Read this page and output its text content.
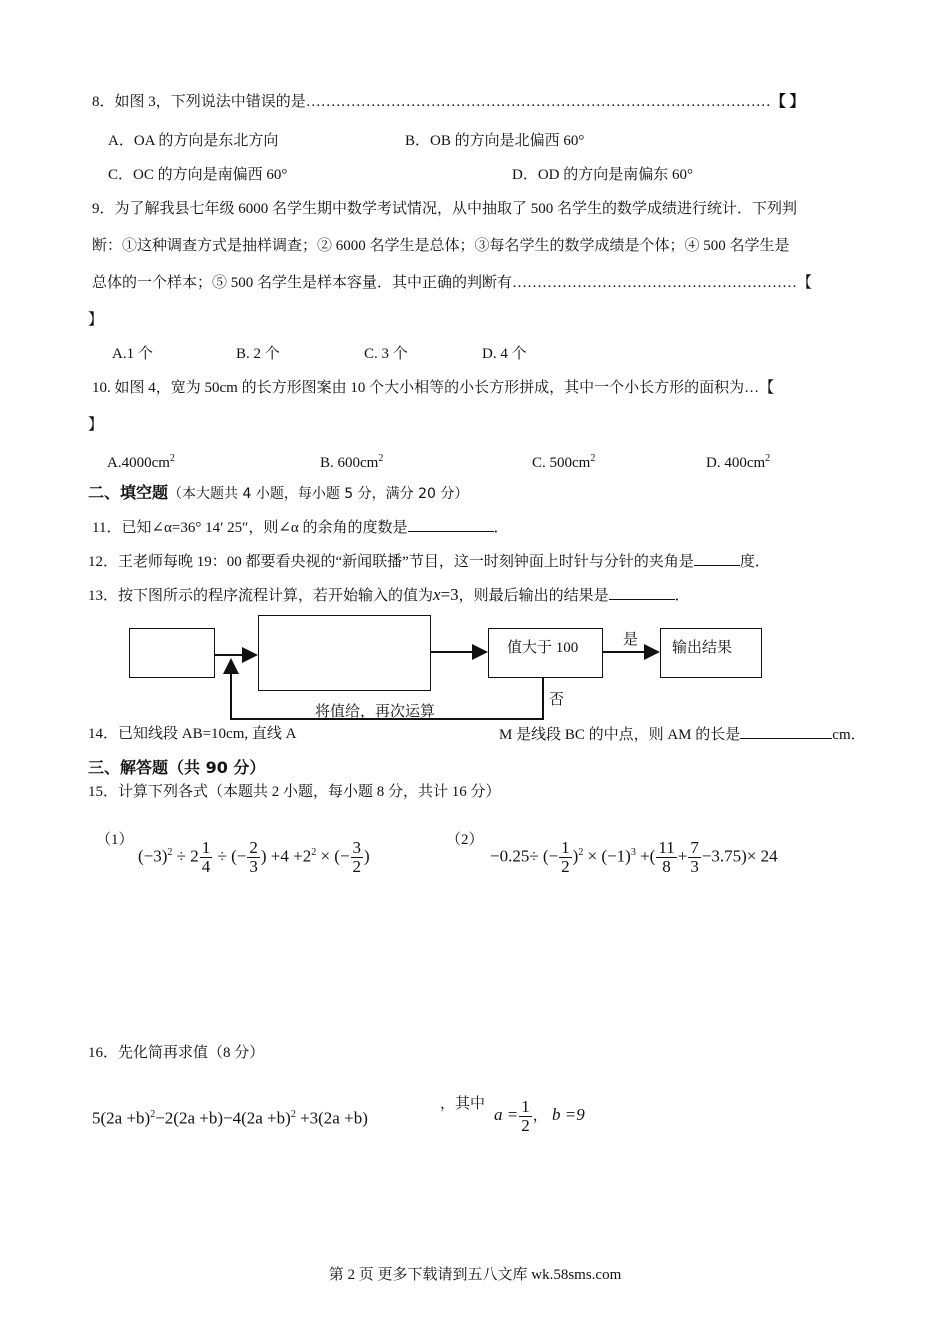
8．如图 3，下列说法中错误的是…………………………………………………………………………………【 】
A．OA 的方向是东北方向	B．OB 的方向是北偏西 60°
C．OC 的方向是南偏西 60°	D．OD 的方向是南偏东 60°
9．为了解我县七年级 6000 名学生期中数学考试情况，从中抽取了 500 名学生的数学成绩进行统计．下列判
断：①这种调查方式是抽样调查；② 6000 名学生是总体；③每名学生的数学成绩是个体；④ 500 名学生是
总体的一个样本；⑤ 500 名学生是样本容量．其中正确的判断有…………………………………………………【
】
A.1 个	B. 2 个	C. 3 个	D. 4 个
10. 如图 4，宽为 50cm 的长方形图案由 10 个大小相等的小长方形拼成，其中一个小长方形的面积为…【
】
$A.4000cm^2$	B. $600cm^2$	C. $500cm^2$	D. $400cm^2$
二、填空题（本大题共 4 小题，每小题 5 分，满分 20 分）
11．已知∠α=36° 14′ 25″，则∠α 的余角的度数是	．
12．王老师每晚 19：00 都要看央视的“新闻联播”节目，这一时刻钟面上时针与分针的夹角是	度．
13．按下图所示的程序流程计算，若开始输入的值为x=3，则最后输出的结果是	．
值大于 100	输出结果
是
否
将值给，再次运算
14．已知线段 AB=10cm, 直线 A	M 是线段 BC 的中点，则 AM 的长是	cm．
三、解答题（共 90 分）
15．计算下列各式（本题共 2 小题，每小题 8 分，共计 16 分）
（1）
$(-3)^2 \div 2 \frac{1}{4}$ ÷ (− $\frac{2}{3}$ ) $+4 +2^2$ × (− $\frac{3}{2}$ )
（2）
−0.25÷ (− $\frac{1}{2} )^2 \times (-1)^3$ +( $\frac{11}{8} + \frac{7}{3} -3.75)\times 24$
16．先化简再求值（8 分）
$5(2a +b)^2-2(2a +b)-4(2a +b)^2 +3(2a +b)$
，其中
$a = \frac{1}{2}$ ， b =9
第 2 页 更多下载请到五八文库 wk.58sms.com
